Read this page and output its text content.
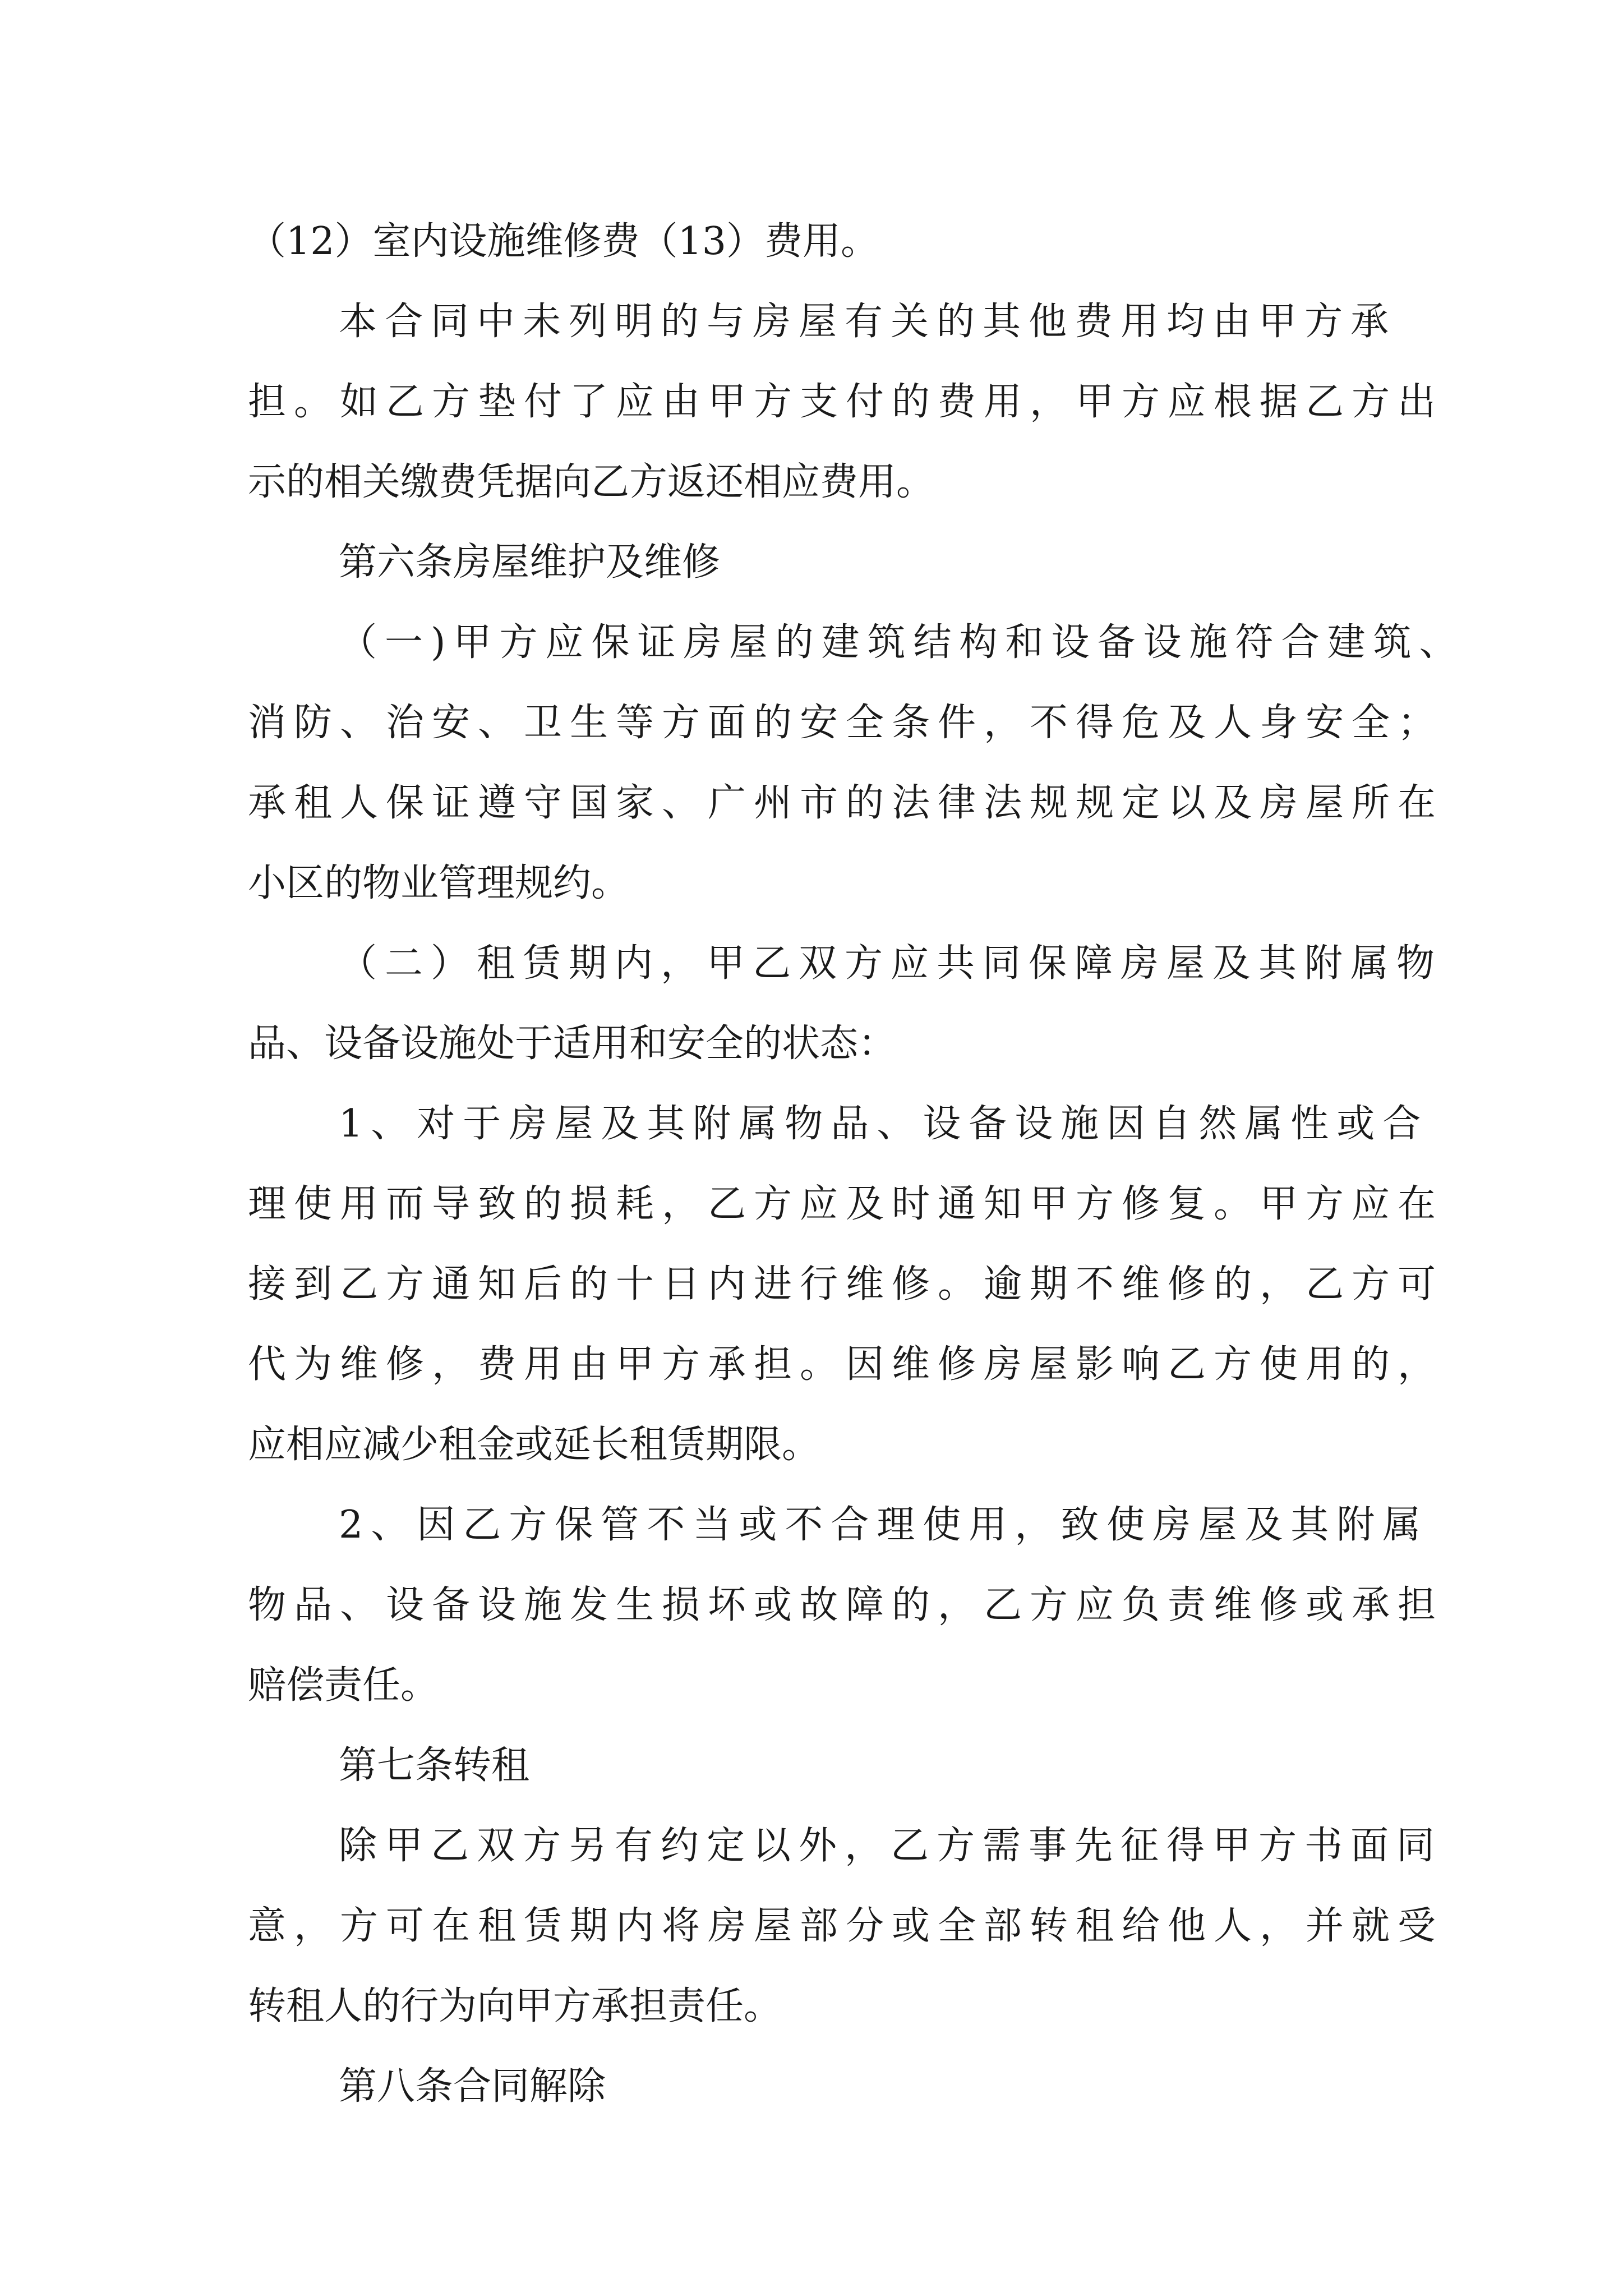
（12）室内设施维修费（13）费用。

本合同中未列明的与房屋有关的其他费用均由甲方承

担。如乙方垫付了应由甲方支付的费用，甲方应根据乙方出

示的相关缴费凭据向乙方返还相应费用。

第六条房屋维护及维修

（一)甲方应保证房屋的建筑结构和设备设施符合建筑、

消防、治安、卫生等方面的安全条件，不得危及人身安全；

承租人保证遵守国家、广州市的法律法规规定以及房屋所在

小区的物业管理规约。

（二）租赁期内，甲乙双方应共同保障房屋及其附属物

品、设备设施处于适用和安全的状态：

1、对于房屋及其附属物品、设备设施因自然属性或合

理使用而导致的损耗，乙方应及时通知甲方修复。甲方应在

接到乙方通知后的十日内进行维修。逾期不维修的，乙方可

代为维修，费用由甲方承担。因维修房屋影响乙方使用的，

应相应减少租金或延长租赁期限。

2、因乙方保管不当或不合理使用，致使房屋及其附属

物品、设备设施发生损坏或故障的，乙方应负责维修或承担

赔偿责任。

第七条转租

除甲乙双方另有约定以外，乙方需事先征得甲方书面同

意，方可在租赁期内将房屋部分或全部转租给他人，并就受

转租人的行为向甲方承担责任。

第八条合同解除
